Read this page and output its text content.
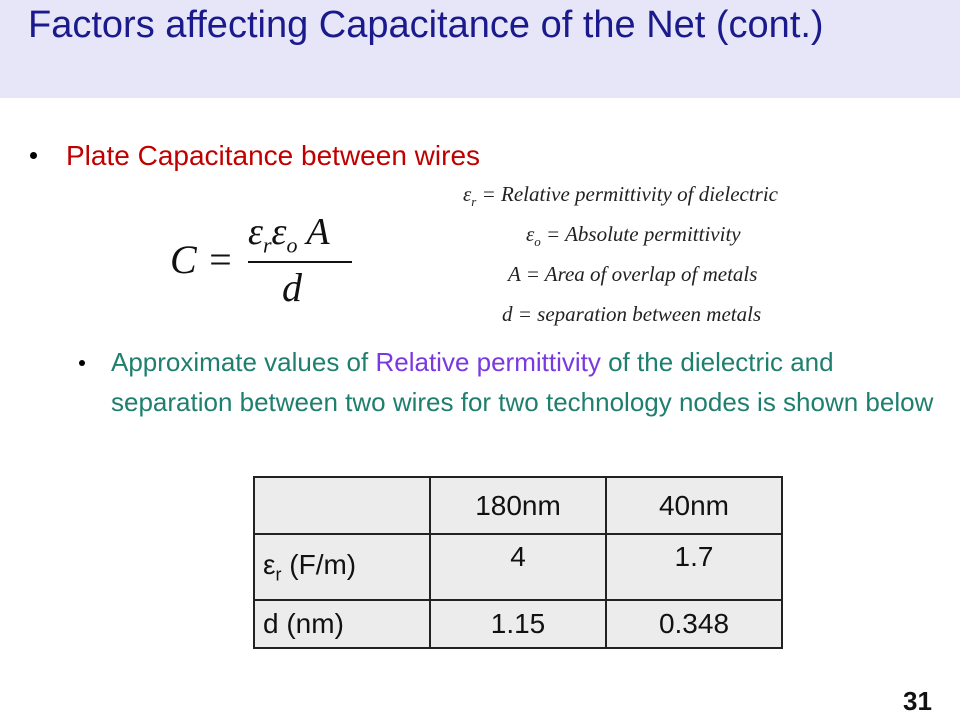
Factors affecting Capacitance of the Net (cont.)
Plate Capacitance between wires
C =
$\varepsilon_r\varepsilon_o$ A
d
$\varepsilon_r$ = Relative permittivity of dielectric
$\varepsilon_o$ = Absolute permittivity
A = Area of overlap of metals
d = separation between metals
Approximate values of Relative permittivity of the dielectric and separation between two wires for two technology nodes is shown below
	180nm	40nm
$\varepsilon_r$ (F/m)	4	1.7
d (nm)	1.15	0.348
31
